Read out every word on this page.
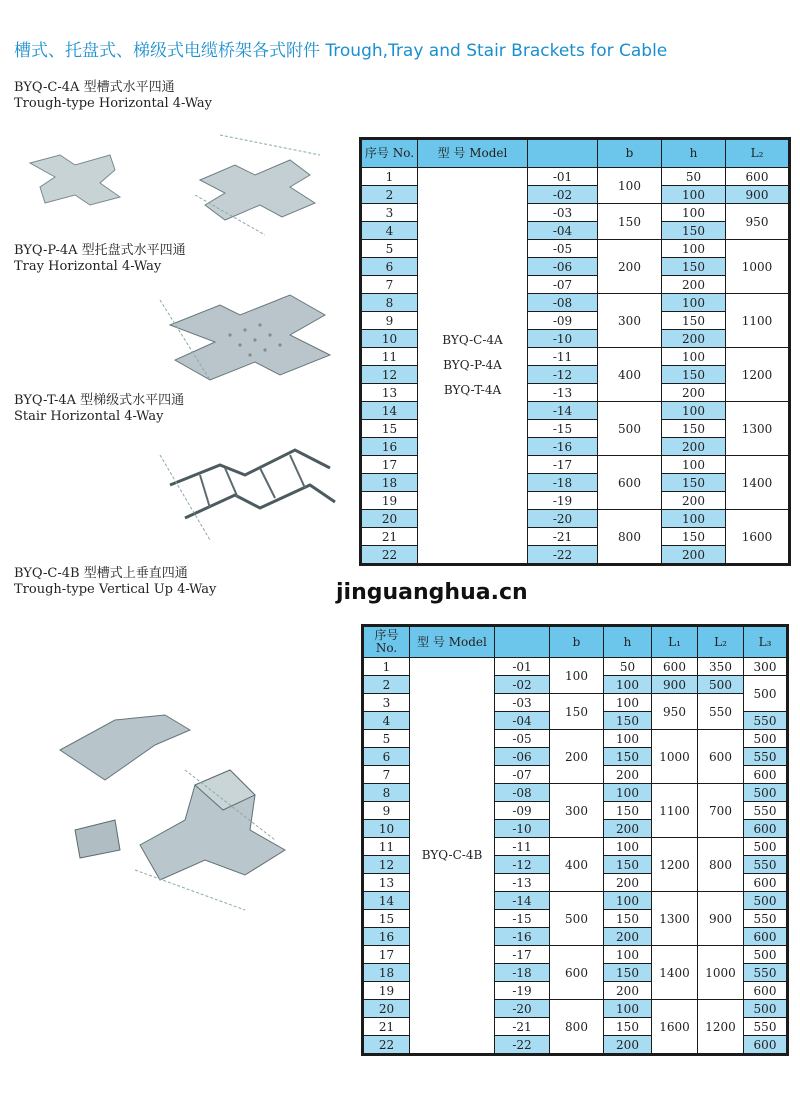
槽式、托盘式、梯级式电缆桥架各式附件 Trough,Tray and Stair Brackets for Cable
BYQ-C-4A 型槽式水平四通
Trough-type Horizontal 4-Way
BYQ-P-4A 型托盘式水平四通
Tray Horizontal 4-Way
BYQ-T-4A 型梯级式水平四通
Stair Horizontal 4-Way
BYQ-C-4B 型槽式上垂直四通
Trough-type Vertical Up 4-Way	jinguanghua.cn
序号 No.	型 号 Model		b	h	L₂
1	BYQ-C-4A
BYQ-P-4A
BYQ-T-4A	-01	100	50	600
2		-02		100	900
3		-03	150	100	950
4		-04		150	
5		-05	200	100	1000
6		-06		150	
7		-07		200	
8		-08	300	100	1100
9		-09		150	
10		-10		200	
11		-11	400	100	1200
12		-12		150	
13		-13		200	
14		-14	500	100	1300
15		-15		150	
16		-16		200	
17		-17	600	100	1400
18		-18		150	
19		-19		200	
20		-20	800	100	1600
21		-21		150	
22		-22		200	
序号 No.	型 号 Model		b	h	L₁	L₂	L₃
1	BYQ-C-4B	-01	100	50	600	350	300
2		-02		100	900	500	500
3		-03	150	100	950	550	
4		-04		150			550
5		-05	200	100	1000	600	500
6		-06		150			550
7		-07		200			600
8		-08	300	100	1100	700	500
9		-09		150			550
10		-10		200			600
11		-11	400	100	1200	800	500
12		-12		150			550
13		-13		200			600
14		-14	500	100	1300	900	500
15		-15		150			550
16		-16		200			600
17		-17	600	100	1400	1000	500
18		-18		150			550
19		-19		200			600
20		-20	800	100	1600	1200	500
21		-21		150			550
22		-22		200			600
